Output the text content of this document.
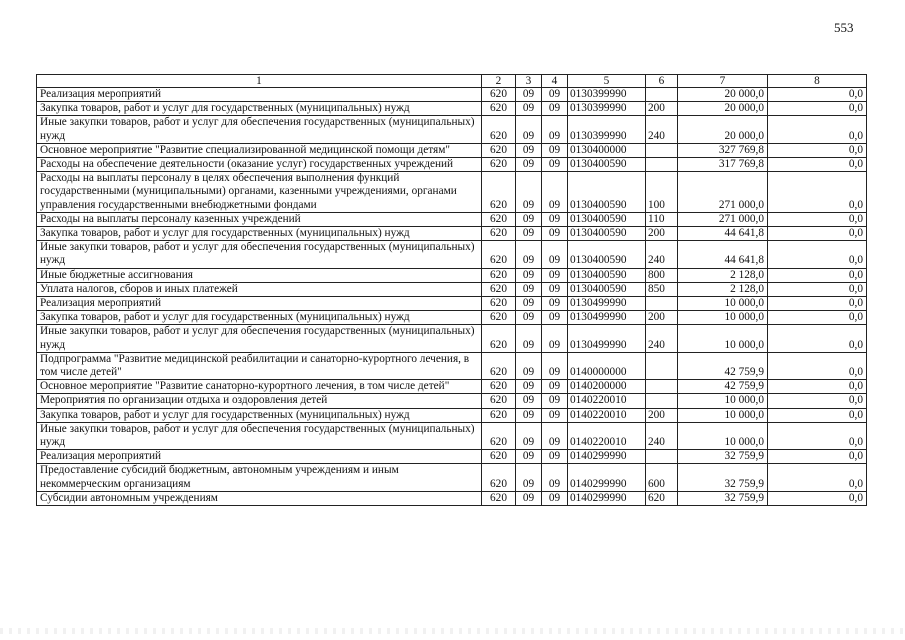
553
1	2	3	4	5	6	7	8
Реализация мероприятий	620	09	09	0130399990		20 000,0	0,0
Закупка товаров, работ и услуг для государственных (муниципальных) нужд	620	09	09	0130399990	200	20 000,0	0,0
Иные закупки товаров, работ и услуг для обеспечения государственных (муниципальных) нужд	620	09	09	0130399990	240	20 000,0	0,0
Основное мероприятие "Развитие специализированной медицинской помощи детям"	620	09	09	0130400000		327 769,8	0,0
Расходы на обеспечение деятельности (оказание услуг) государственных учреждений	620	09	09	0130400590		317 769,8	0,0
Расходы на выплаты персоналу в целях обеспечения выполнения функций государственными (муниципальными) органами, казенными учреждениями, органами управления государственными внебюджетными фондами	620	09	09	0130400590	100	271 000,0	0,0
Расходы на выплаты персоналу казенных учреждений	620	09	09	0130400590	110	271 000,0	0,0
Закупка товаров, работ и услуг для государственных (муниципальных) нужд	620	09	09	0130400590	200	44 641,8	0,0
Иные закупки товаров, работ и услуг для обеспечения государственных (муниципальных) нужд	620	09	09	0130400590	240	44 641,8	0,0
Иные бюджетные ассигнования	620	09	09	0130400590	800	2 128,0	0,0
Уплата налогов, сборов и иных платежей	620	09	09	0130400590	850	2 128,0	0,0
Реализация мероприятий	620	09	09	0130499990		10 000,0	0,0
Закупка товаров, работ и услуг для государственных (муниципальных) нужд	620	09	09	0130499990	200	10 000,0	0,0
Иные закупки товаров, работ и услуг для обеспечения государственных (муниципальных) нужд	620	09	09	0130499990	240	10 000,0	0,0
Подпрограмма "Развитие медицинской реабилитации и санаторно-курортного лечения, в том числе детей"	620	09	09	0140000000		42 759,9	0,0
Основное мероприятие "Развитие санаторно-курортного лечения, в том числе детей"	620	09	09	0140200000		42 759,9	0,0
Мероприятия по организации отдыха и оздоровления детей	620	09	09	0140220010		10 000,0	0,0
Закупка товаров, работ и услуг для государственных (муниципальных) нужд	620	09	09	0140220010	200	10 000,0	0,0
Иные закупки товаров, работ и услуг для обеспечения государственных (муниципальных) нужд	620	09	09	0140220010	240	10 000,0	0,0
Реализация мероприятий	620	09	09	0140299990		32 759,9	0,0
Предоставление субсидий бюджетным, автономным учреждениям и иным некоммерческим организациям	620	09	09	0140299990	600	32 759,9	0,0
Субсидии автономным учреждениям	620	09	09	0140299990	620	32 759,9	0,0
